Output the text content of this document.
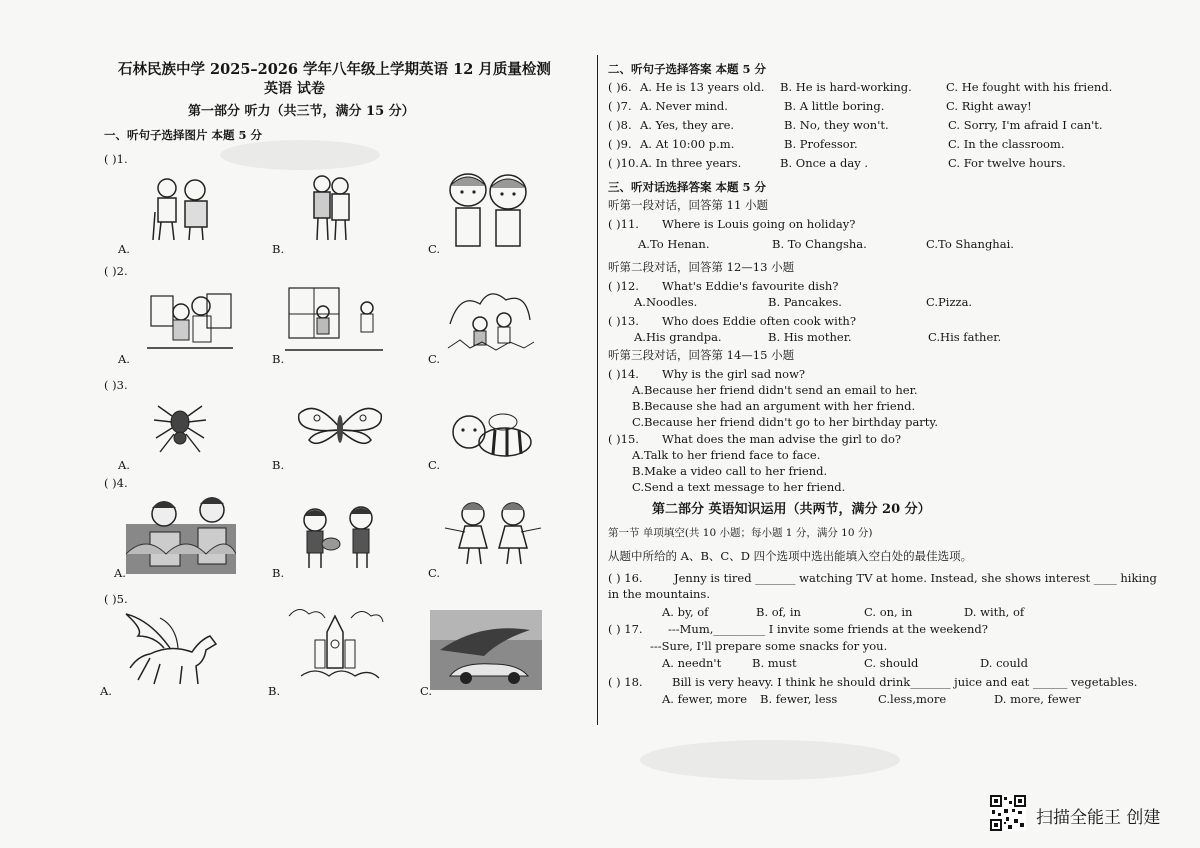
石林民族中学 2025–2026 学年八年级上学期英语 12 月质量检测
英语 试卷
第一部分 听力（共三节，满分 15 分）
一、听句子选择图片 本题 5 分
( )1.
A.	B.	C.
( )2.
A.	B.	C.
( )3.
A.	B.	C.
( )4.
A.	B.	C.
( )5.
A.	B.	C.
二、听句子选择答案 本题 5 分
( )6. A. He is 13 years old. B. He is hard-working.	C. He fought with his friend.
( )7. A. Never mind.	B. A little boring.	C. Right away!
( )8. A. Yes, they are.	B. No, they won't.	C. Sorry, I'm afraid I can't.
( )9. A. At 10:00 p.m.	B. Professor.	C. In the classroom.
( )10. A. In three years.	B. Once a day .	C. For twelve hours.
三、听对话选择答案 本题 5 分
听第一段对话，回答第 11 小题
( )11. Where is Louis going on holiday?
A.To Henan.	B. To Changsha.	C.To Shanghai.
听第二段对话，回答第 12—13 小题
( )12. What's Eddie's favourite dish?
A.Noodles.	B. Pancakes.	C.Pizza.
( )13. Who does Eddie often cook with?
A.His grandpa.	B. His mother.	C.His father.
听第三段对话，回答第 14—15 小题
( )14. Why is the girl sad now?
A.Because her friend didn't send an email to her.
B.Because she had an argument with her friend.
C.Because her friend didn't go to her birthday party.
( )15. What does the man advise the girl to do?
A.Talk to her friend face to face.
B.Make a video call to her friend.
C.Send a text message to her friend.
第二部分 英语知识运用（共两节，满分 20 分）
第一节 单项填空(共 10 小题；每小题 1 分，满分 10 分)
从题中所给的 A、B、C、D 四个选项中选出能填入空白处的最佳选项。
( ) 16.	Jenny is tired _______ watching TV at home. Instead, she shows interest ____ hiking
in the mountains.
A. by, of	B. of, in	C. on, in	D. with, of
( ) 17. ---Mum,_________ I invite some friends at the weekend?
---Sure, I'll prepare some snacks for you.
A. needn't	B. must	C. should	D. could
( ) 18.	Bill is very heavy. I think he should drink_______ juice and eat ______ vegetables.
A. fewer, more B. fewer, less	C.less,more	D. more, fewer
扫描全能王 创建
